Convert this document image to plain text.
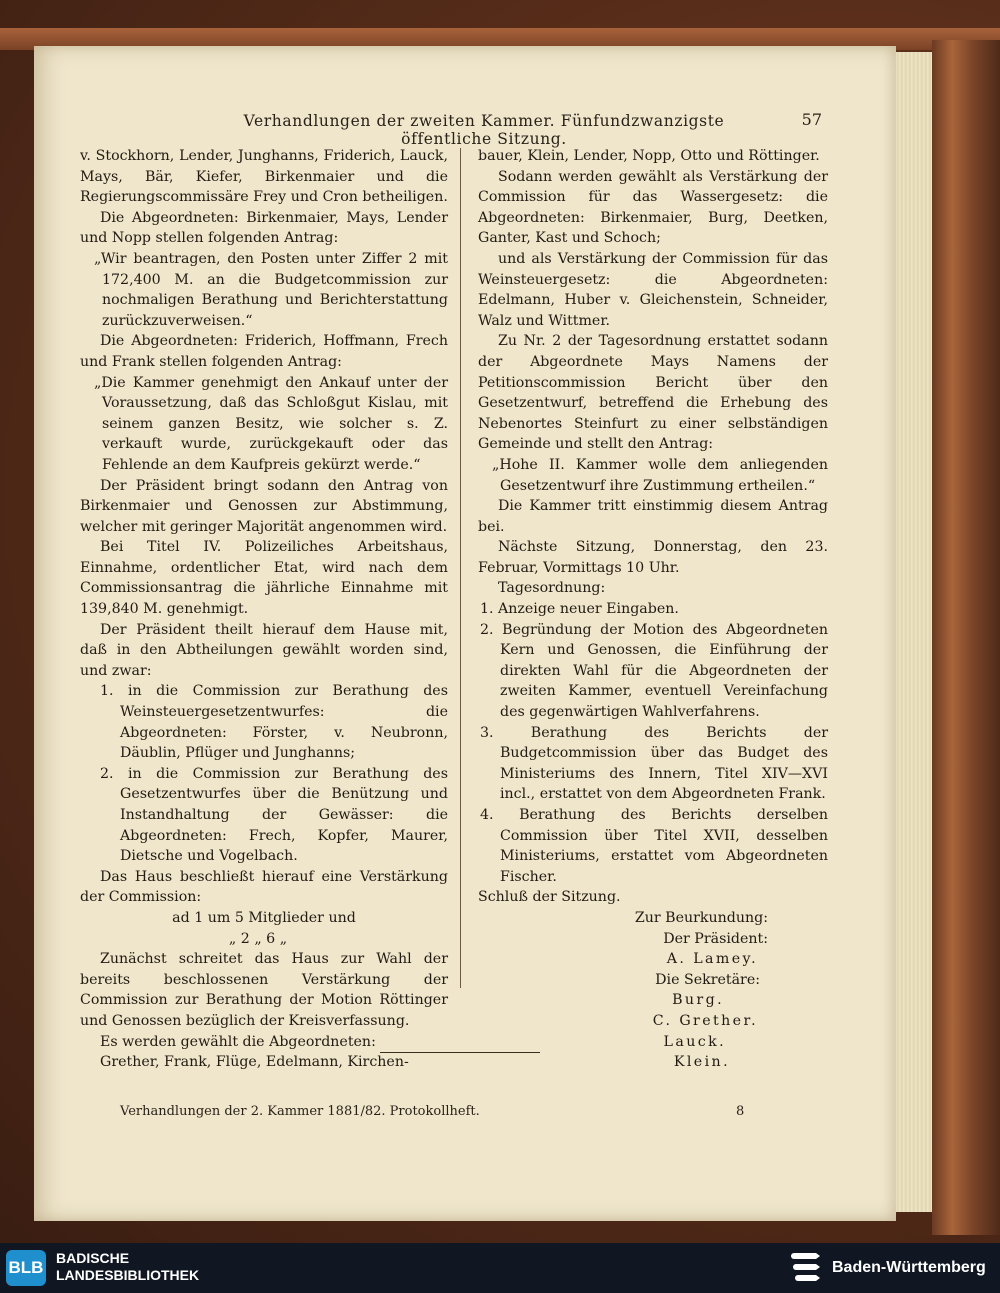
Verhandlungen der zweiten Kammer. Fünfundzwanzigste öffentliche Sitzung.
57

v. Stockhorn, Lender, Junghanns, Friderich, Lauck, Mays, Bär, Kiefer, Birkenmaier und die Regierungscommissäre Frey und Cron betheiligen.

Die Abgeordneten: Birkenmaier, Mays, Lender und Nopp stellen folgenden Antrag:

„Wir beantragen, den Posten unter Ziffer 2 mit 172,400 M. an die Budgetcommission zur nochmaligen Berathung und Berichterstattung zurückzuverweisen.“

Die Abgeordneten: Friderich, Hoffmann, Frech und Frank stellen folgenden Antrag:

„Die Kammer genehmigt den Ankauf unter der Voraussetzung, daß das Schloßgut Kislau, mit seinem ganzen Besitz, wie solcher s. Z. verkauft wurde, zurückgekauft oder das Fehlende an dem Kaufpreis gekürzt werde.“

Der Präsident bringt sodann den Antrag von Birkenmaier und Genossen zur Abstimmung, welcher mit geringer Majorität angenommen wird.

Bei Titel IV. Polizeiliches Arbeitshaus, Einnahme, ordentlicher Etat, wird nach dem Commissionsantrag die jährliche Einnahme mit 139,840 M. genehmigt.

Der Präsident theilt hierauf dem Hause mit, daß in den Abtheilungen gewählt worden sind, und zwar:

1. in die Commission zur Berathung des Weinsteuergesetzentwurfes: die Abgeordneten: Förster, v. Neubronn, Däublin, Pflüger und Junghanns;

2. in die Commission zur Berathung des Gesetzentwurfes über die Benützung und Instandhaltung der Gewässer: die Abgeordneten: Frech, Kopfer, Maurer, Dietsche und Vogelbach.

Das Haus beschließt hierauf eine Verstärkung der Commission:

ad 1 um 5 Mitglieder und

„ 2 „ 6 „

Zunächst schreitet das Haus zur Wahl der bereits beschlossenen Verstärkung der Commission zur Berathung der Motion Röttinger und Genossen bezüglich der Kreisverfassung.

Es werden gewählt die Abgeordneten:

Grether, Frank, Flüge, Edelmann, Kirchen-

bauer, Klein, Lender, Nopp, Otto und Röttinger.

Sodann werden gewählt als Verstärkung der Commission für das Wassergesetz: die Abgeordneten: Birkenmaier, Burg, Deetken, Ganter, Kast und Schoch;

und als Verstärkung der Commission für das Weinsteuergesetz: die Abgeordneten: Edelmann, Huber v. Gleichenstein, Schneider, Walz und Wittmer.

Zu Nr. 2 der Tagesordnung erstattet sodann der Abgeordnete Mays Namens der Petitionscommission Bericht über den Gesetzentwurf, betreffend die Erhebung des Nebenortes Steinfurt zu einer selbständigen Gemeinde und stellt den Antrag:

„Hohe II. Kammer wolle dem anliegenden Gesetzentwurf ihre Zustimmung ertheilen.“

Die Kammer tritt einstimmig diesem Antrag bei.

Nächste Sitzung, Donnerstag, den 23. Februar, Vormittags 10 Uhr.

Tagesordnung:

1. Anzeige neuer Eingaben.

2. Begründung der Motion des Abgeordneten Kern und Genossen, die Einführung der direkten Wahl für die Abgeordneten der zweiten Kammer, eventuell Vereinfachung des gegenwärtigen Wahlverfahrens.

3. Berathung des Berichts der Budgetcommission über das Budget des Ministeriums des Innern, Titel XIV—XVI incl., erstattet von dem Abgeordneten Frank.

4. Berathung des Berichts derselben Commission über Titel XVII, desselben Ministeriums, erstattet vom Abgeordneten Fischer.

Schluß der Sitzung.

Zur Beurkundung:

Der Präsident:

A. Lamey.

Die Sekretäre:

Burg.

C. Grether.

Lauck.

Klein.

Verhandlungen der 2. Kammer 1881/82. Protokollheft.	8
BLB BADISCHE
LANDESBIBLIOTHEK	Baden-Württemberg
